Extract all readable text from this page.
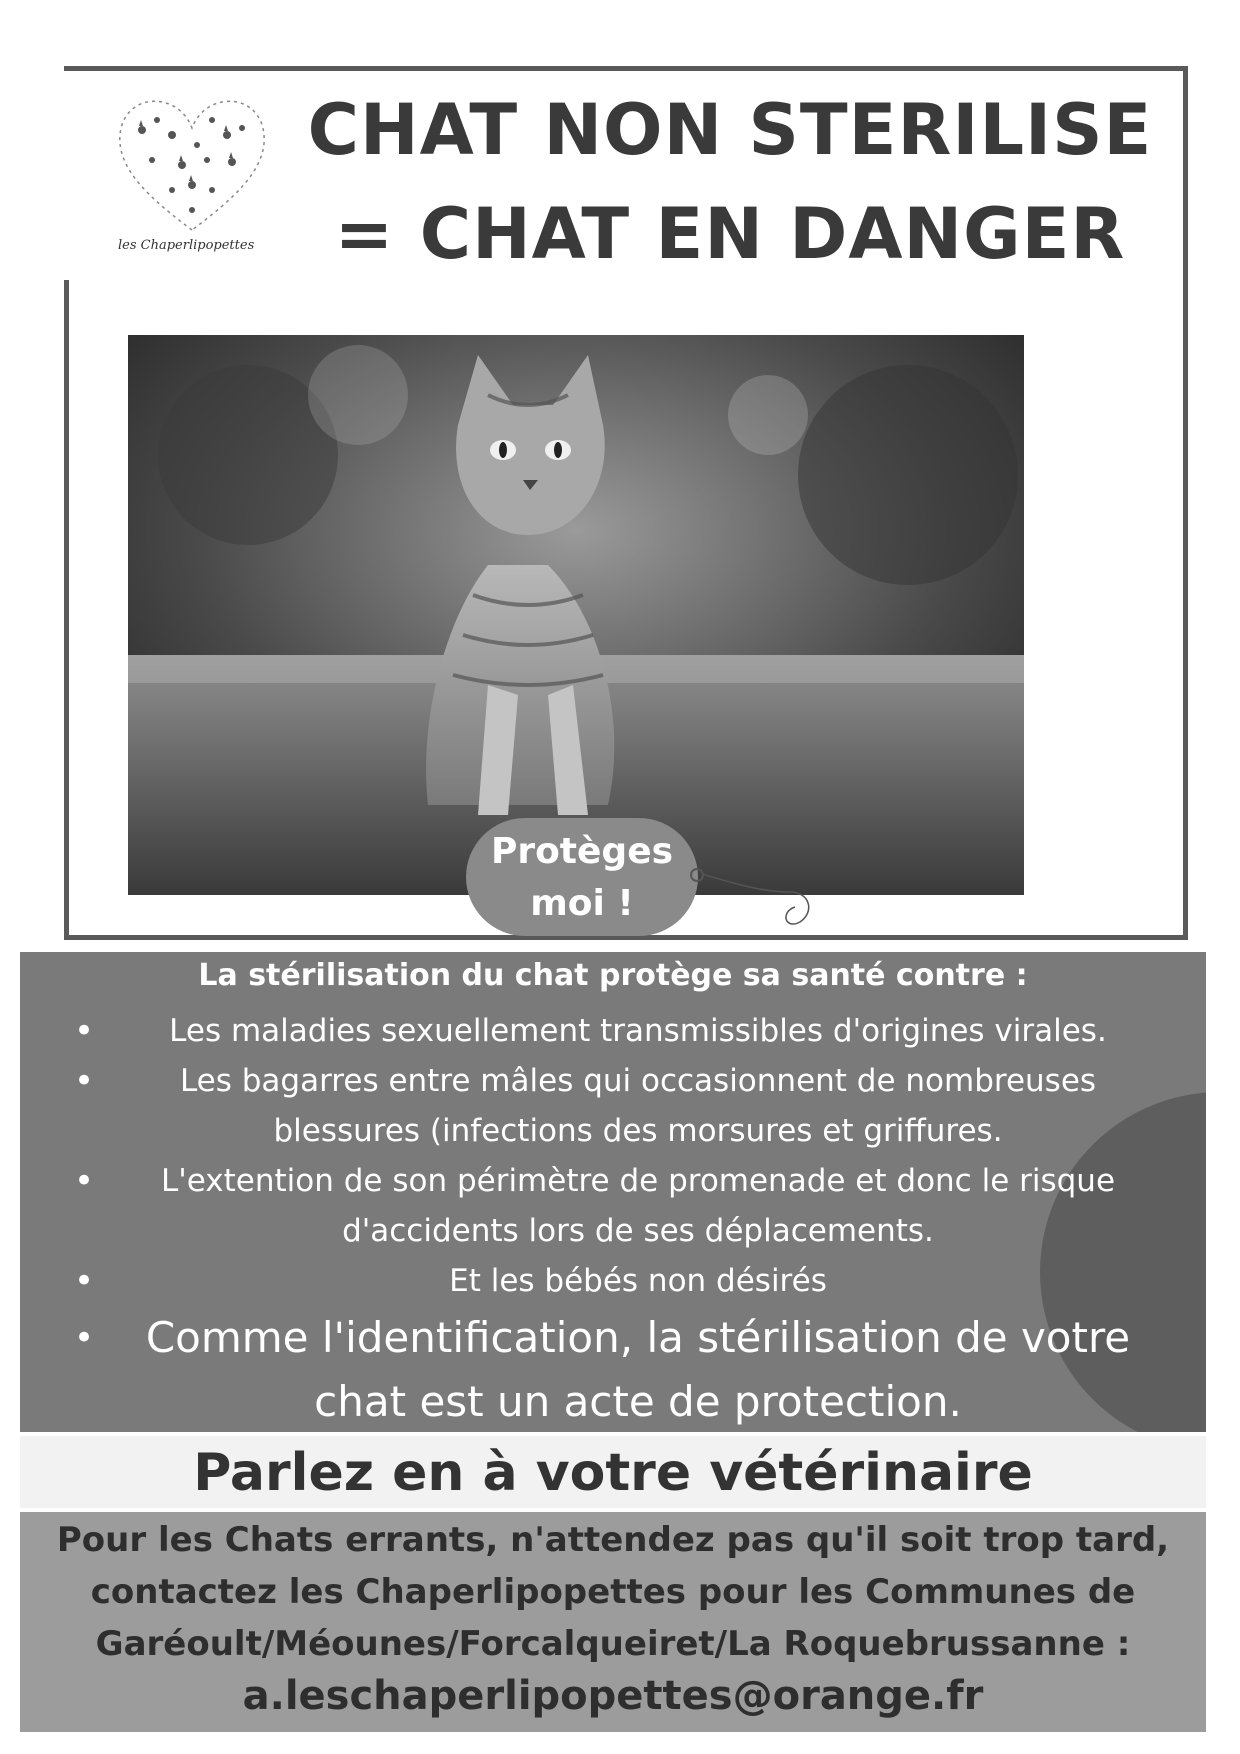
les Chaperlipopettes
CHAT NON STERILISE
= CHAT EN DANGER
Protèges
moi !
La stérilisation du chat protège sa santé contre :
• Les maladies sexuellement transmissibles d'origines virales.
•	Les bagarres entre mâles qui occasionnent de nombreuses blessures (infections des morsures et griffures.
• L'extention de son périmètre de promenade et donc le risque d'accidents lors de ses déplacements.
•	Et les bébés non désirés
• Comme l'identification, la stérilisation de votre chat est un acte de protection.
Parlez en à votre vétérinaire
Pour les Chats errants, n'attendez pas qu'il soit trop tard,
contactez les Chaperlipopettes pour les Communes de
Garéoult/Méounes/Forcalqueiret/La Roquebrussanne :
a.leschaperlipopettes@orange.fr
